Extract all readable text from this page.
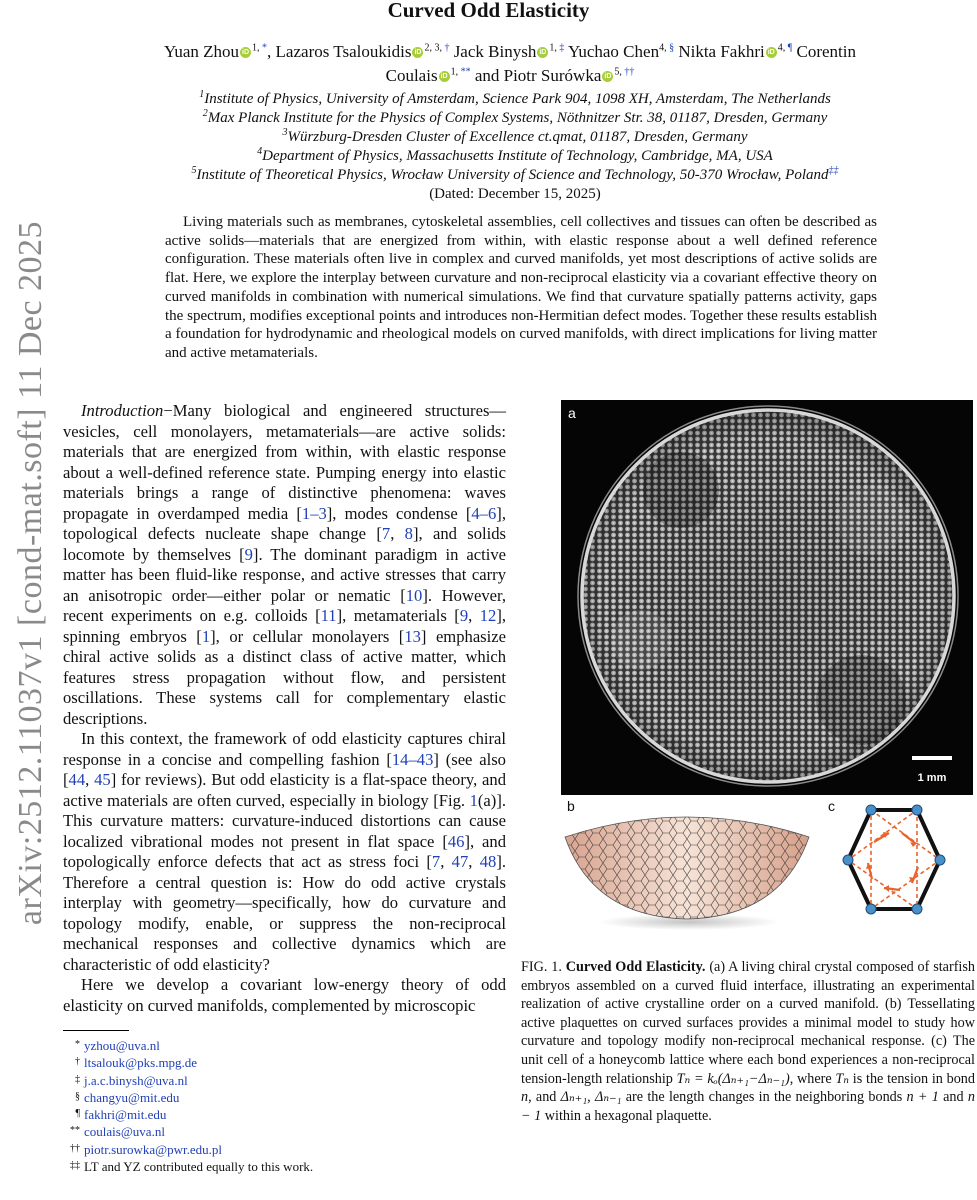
arXiv:2512.11037v1 [cond-mat.soft] 11 Dec 2025
Curved Odd Elasticity
Yuan Zhou iD $^{1,}$ *, Lazaros Tsaloukidis iD $^{2, 3,}$ † Jack Binysh iD $^{1,}$ ‡ Yuchao Chen$^{4,}$ § Nikta Fakhri iD $^{4,}$ ¶ Corentin Coulais iD $^{1,}$ ** and Piotr Surówka iD $^{5,}$ ††
$^1$Institute of Physics, University of Amsterdam, Science Park 904, 1098 XH, Amsterdam, The Netherlands
$^2$Max Planck Institute for the Physics of Complex Systems, Nöthnitzer Str. 38, 01187, Dresden, Germany
$^3$Würzburg-Dresden Cluster of Excellence ct.qmat, 01187, Dresden, Germany
$^4$Department of Physics, Massachusetts Institute of Technology, Cambridge, MA, USA
$^5$Institute of Theoretical Physics, Wrocław University of Science and Technology, 50-370 Wrocław, Poland‡‡
(Dated: December 15, 2025)

Living materials such as membranes, cytoskeletal assemblies, cell collectives and tissues can often be described as active solids—materials that are energized from within, with elastic response about a well defined reference configuration. These materials often live in complex and curved manifolds, yet most descriptions of active solids are flat. Here, we explore the interplay between curvature and non-reciprocal elasticity via a covariant effective theory on curved manifolds in combination with numerical simulations. We find that curvature spatially patterns activity, gaps the spectrum, modifies exceptional points and introduces non-Hermitian defect modes. Together these results establish a foundation for hydrodynamic and rheological models on curved manifolds, with direct implications for living matter and active metamaterials.

Introduction−Many biological and engineered structures—vesicles, cell monolayers, metamaterials—are active solids: materials that are energized from within, with elastic response about a well-defined reference state. Pumping energy into elastic materials brings a range of distinctive phenomena: waves propagate in overdamped media [1–3], modes condense [4–6], topological defects nucleate shape change [7, 8], and solids locomote by themselves [9]. The dominant paradigm in active matter has been fluid-like response, and active stresses that carry an anisotropic order—either polar or nematic [10]. However, recent experiments on e.g. colloids [11], metamaterials [9, 12], spinning embryos [1], or cellular monolayers [13] emphasize chiral active solids as a distinct class of active matter, which features stress propagation without flow, and persistent oscillations. These systems call for complementary elastic descriptions.

In this context, the framework of odd elasticity captures chiral response in a concise and compelling fashion [14–43] (see also [44, 45] for reviews). But odd elasticity is a flat-space theory, and active materials are often curved, especially in biology [Fig. 1(a)]. This curvature matters: curvature-induced distortions can cause localized vibrational modes not present in flat space [46], and topologically enforce defects that act as stress foci [7, 47, 48]. Therefore a central question is: How do odd active crystals interplay with geometry—specifically, how do curvature and topology modify, enable, or suppress the non-reciprocal mechanical responses and collective dynamics which are characteristic of odd elasticity?

Here we develop a covariant low-energy theory of odd elasticity on curved manifolds, complemented by microscopic

* yzhou@uva.nl
† ltsalouk@pks.mpg.de
‡ j.a.c.binysh@uva.nl
§ changyu@mit.edu
¶ fakhri@mit.edu
** coulais@uva.nl
†† piotr.surowka@pwr.edu.pl
‡‡ LT and YZ contributed equally to this work.
a
1 mm
b	c

FIG. 1. Curved Odd Elasticity. (a) A living chiral crystal composed of starfish embryos assembled on a curved fluid interface, illustrating an experimental realization of active crystalline order on a curved manifold. (b) Tessellating active plaquettes on curved surfaces provides a minimal model to study how curvature and topology modify non-reciprocal mechanical response. (c) The unit cell of a honeycomb lattice where each bond experiences a non-reciprocal tension-length relationship Tₙ = kₒ(Δₙ₊₁−Δₙ₋₁), where Tₙ is the tension in bond n, and Δₙ₊₁, Δₙ₋₁ are the length changes in the neighboring bonds n + 1 and n − 1 within a hexagonal plaquette.
